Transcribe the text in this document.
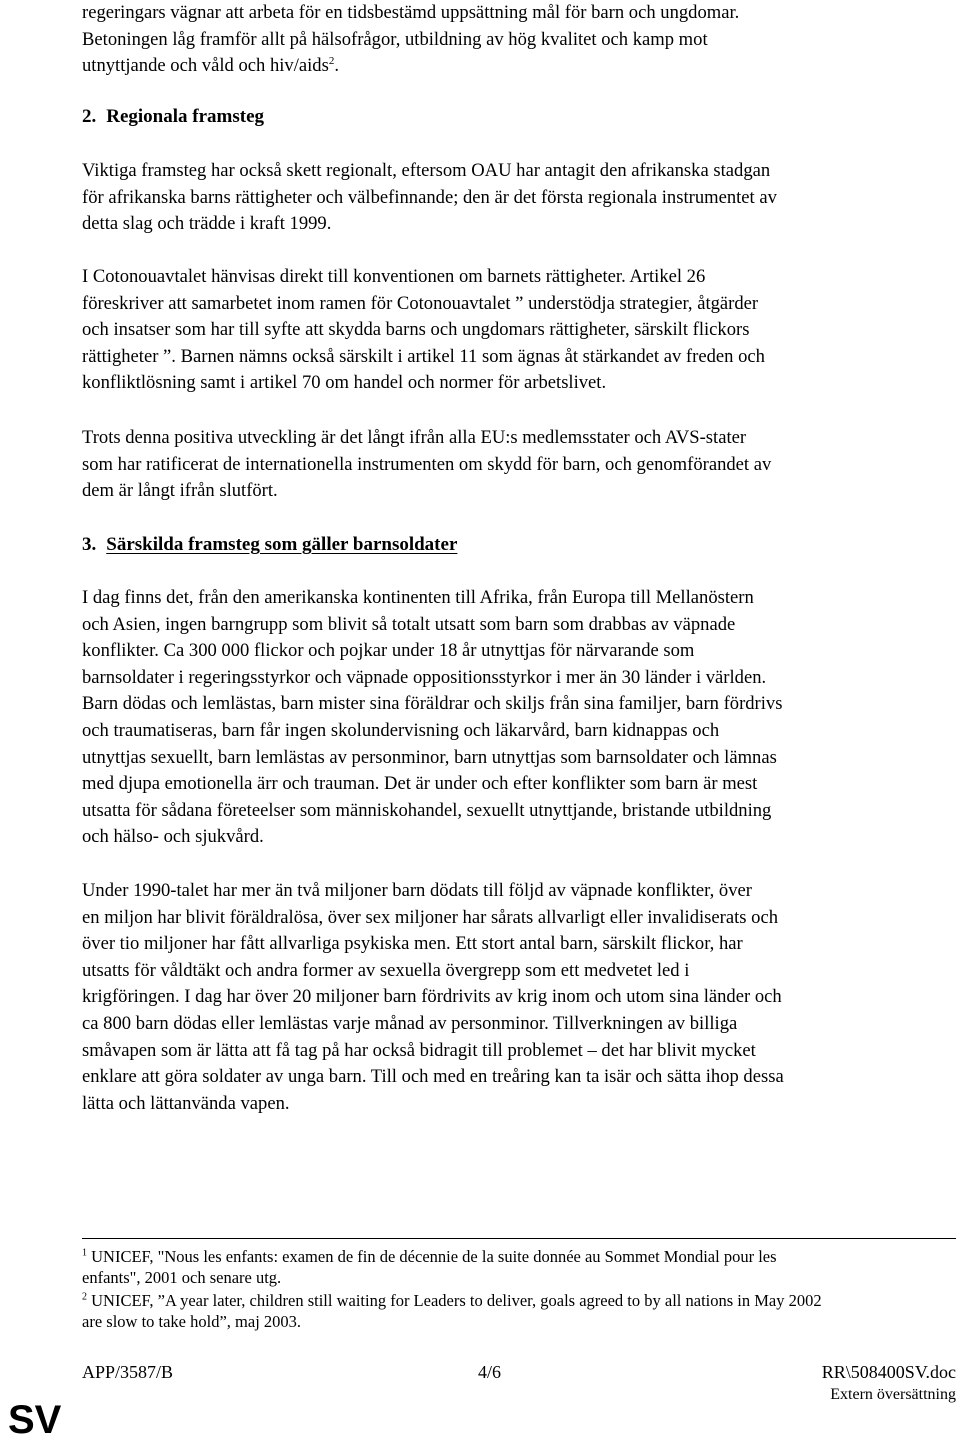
regeringars vägnar att arbeta för en tidsbestämd uppsättning mål för barn och ungdomar.
Betoningen låg framför allt på hälsofrågor, utbildning av hög kvalitet och kamp mot
utnyttjande och våld och hiv/aids$^2$.
2. Regionala framsteg
Viktiga framsteg har också skett regionalt, eftersom OAU har antagit den afrikanska stadgan
för afrikanska barns rättigheter och välbefinnande; den är det första regionala instrumentet av
detta slag och trädde i kraft 1999.
I Cotonouavtalet hänvisas direkt till konventionen om barnets rättigheter. Artikel 26
föreskriver att samarbetet inom ramen för Cotonouavtalet ” understödja strategier, åtgärder
och insatser som har till syfte att skydda barns och ungdomars rättigheter, särskilt flickors
rättigheter ”. Barnen nämns också särskilt i artikel 11 som ägnas åt stärkandet av freden och
konfliktlösning samt i artikel 70 om handel och normer för arbetslivet.
Trots denna positiva utveckling är det långt ifrån alla EU:s medlemsstater och AVS-stater
som har ratificerat de internationella instrumenten om skydd för barn, och genomförandet av
dem är långt ifrån slutfört.
3. Särskilda framsteg som gäller barnsoldater
I dag finns det, från den amerikanska kontinenten till Afrika, från Europa till Mellanöstern
och Asien, ingen barngrupp som blivit så totalt utsatt som barn som drabbas av väpnade
konflikter. Ca 300 000 flickor och pojkar under 18 år utnyttjas för närvarande som
barnsoldater i regeringsstyrkor och väpnade oppositionsstyrkor i mer än 30 länder i världen.
Barn dödas och lemlästas, barn mister sina föräldrar och skiljs från sina familjer, barn fördrivs
och traumatiseras, barn får ingen skolundervisning och läkarvård, barn kidnappas och
utnyttjas sexuellt, barn lemlästas av personminor, barn utnyttjas som barnsoldater och lämnas
med djupa emotionella ärr och trauman. Det är under och efter konflikter som barn är mest
utsatta för sådana företeelser som människohandel, sexuellt utnyttjande, bristande utbildning
och hälso- och sjukvård.
Under 1990-talet har mer än två miljoner barn dödats till följd av väpnade konflikter, över
en miljon har blivit föräldralösa, över sex miljoner har sårats allvarligt eller invalidiserats och
över tio miljoner har fått allvarliga psykiska men. Ett stort antal barn, särskilt flickor, har
utsatts för våldtäkt och andra former av sexuella övergrepp som ett medvetet led i
krigföringen. I dag har över 20 miljoner barn fördrivits av krig inom och utom sina länder och
ca 800 barn dödas eller lemlästas varje månad av personminor. Tillverkningen av billiga
småvapen som är lätta att få tag på har också bidragit till problemet – det har blivit mycket
enklare att göra soldater av unga barn. Till och med en treåring kan ta isär och sätta ihop dessa
lätta och lättanvända vapen.
$^1$ UNICEF, "Nous les enfants: examen de fin de décennie de la suite donnée au Sommet Mondial pour les
enfants", 2001 och senare utg.
$^2$ UNICEF, ”A year later, children still waiting for Leaders to deliver, goals agreed to by all nations in May 2002
are slow to take hold”, maj 2003.
APP/3587/B	4/6	RR\508400SV.doc
Extern översättning
SV
